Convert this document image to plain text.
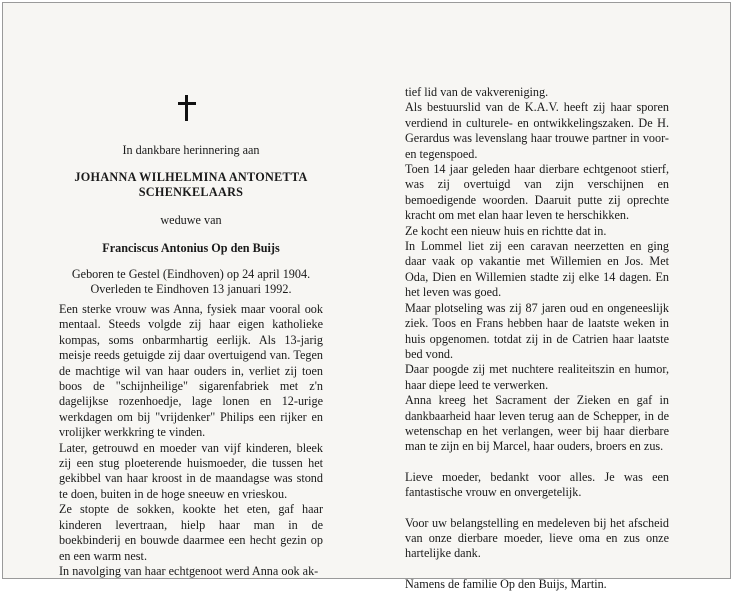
In dankbare herinnering aan
JOHANNA WILHELMINA ANTONETTA
SCHENKELAARS
weduwe van
Franciscus Antonius Op den Buijs
Geboren te Gestel (Eindhoven) op 24 april 1904.
Overleden te Eindhoven 13 januari 1992.

Een sterke vrouw was Anna, fysiek maar vooral ook mentaal. Steeds volgde zij haar eigen katholieke kompas, soms onbarmhartig eerlijk. Als 13-jarig meisje reeds getuigde zij daar overtuigend van. Tegen de machtige wil van haar ouders in, verliet zij toen boos de "schijnheilige" sigarenfabriek met z'n dagelijkse rozenhoedje, lage lonen en 12-urige werkdagen om bij "vrijdenker" Philips een rijker en vrolijker werkkring te vinden.

Later, getrouwd en moeder van vijf kinderen, bleek zij een stug ploeterende huismoeder, die tussen het gekibbel van haar kroost in de maandagse was stond te doen, buiten in de hoge sneeuw en vrieskou.

Ze stopte de sokken, kookte het eten, gaf haar kinderen levertraan, hielp haar man in de boekbinderij en bouwde daarmee een hecht gezin op en een warm nest.

In navolging van haar echtgenoot werd Anna ook ak-

tief lid van de vakvereniging.

Als bestuurslid van de K.A.V. heeft zij haar sporen verdiend in culturele- en ontwikkelingszaken. De H. Gerardus was levenslang haar trouwe partner in voor- en tegenspoed.

Toen 14 jaar geleden haar dierbare echtgenoot stierf, was zij overtuigd van zijn verschijnen en bemoedigende woorden. Daaruit putte zij oprechte kracht om met elan haar leven te herschikken.

Ze kocht een nieuw huis en richtte dat in.

In Lommel liet zij een caravan neerzetten en ging daar vaak op vakantie met Willemien en Jos. Met Oda, Dien en Willemien stadte zij elke 14 dagen. En het leven was goed.

Maar plotseling was zij 87 jaren oud en ongeneeslijk ziek. Toos en Frans hebben haar de laatste weken in huis opgenomen. totdat zij in de Catrien haar laatste bed vond.

Daar poogde zij met nuchtere realiteitszin en humor, haar diepe leed te verwerken.

Anna kreeg het Sacrament der Zieken en gaf in dankbaarheid haar leven terug aan de Schepper, in de wetenschap en het verlangen, weer bij haar dierbare man te zijn en bij Marcel, haar ouders, broers en zus.

Lieve moeder, bedankt voor alles. Je was een fantastische vrouw en onvergetelijk.

Voor uw belangstelling en medeleven bij het afscheid van onze dierbare moeder, lieve oma en zus onze hartelijke dank.

Namens de familie Op den Buijs, Martin.
